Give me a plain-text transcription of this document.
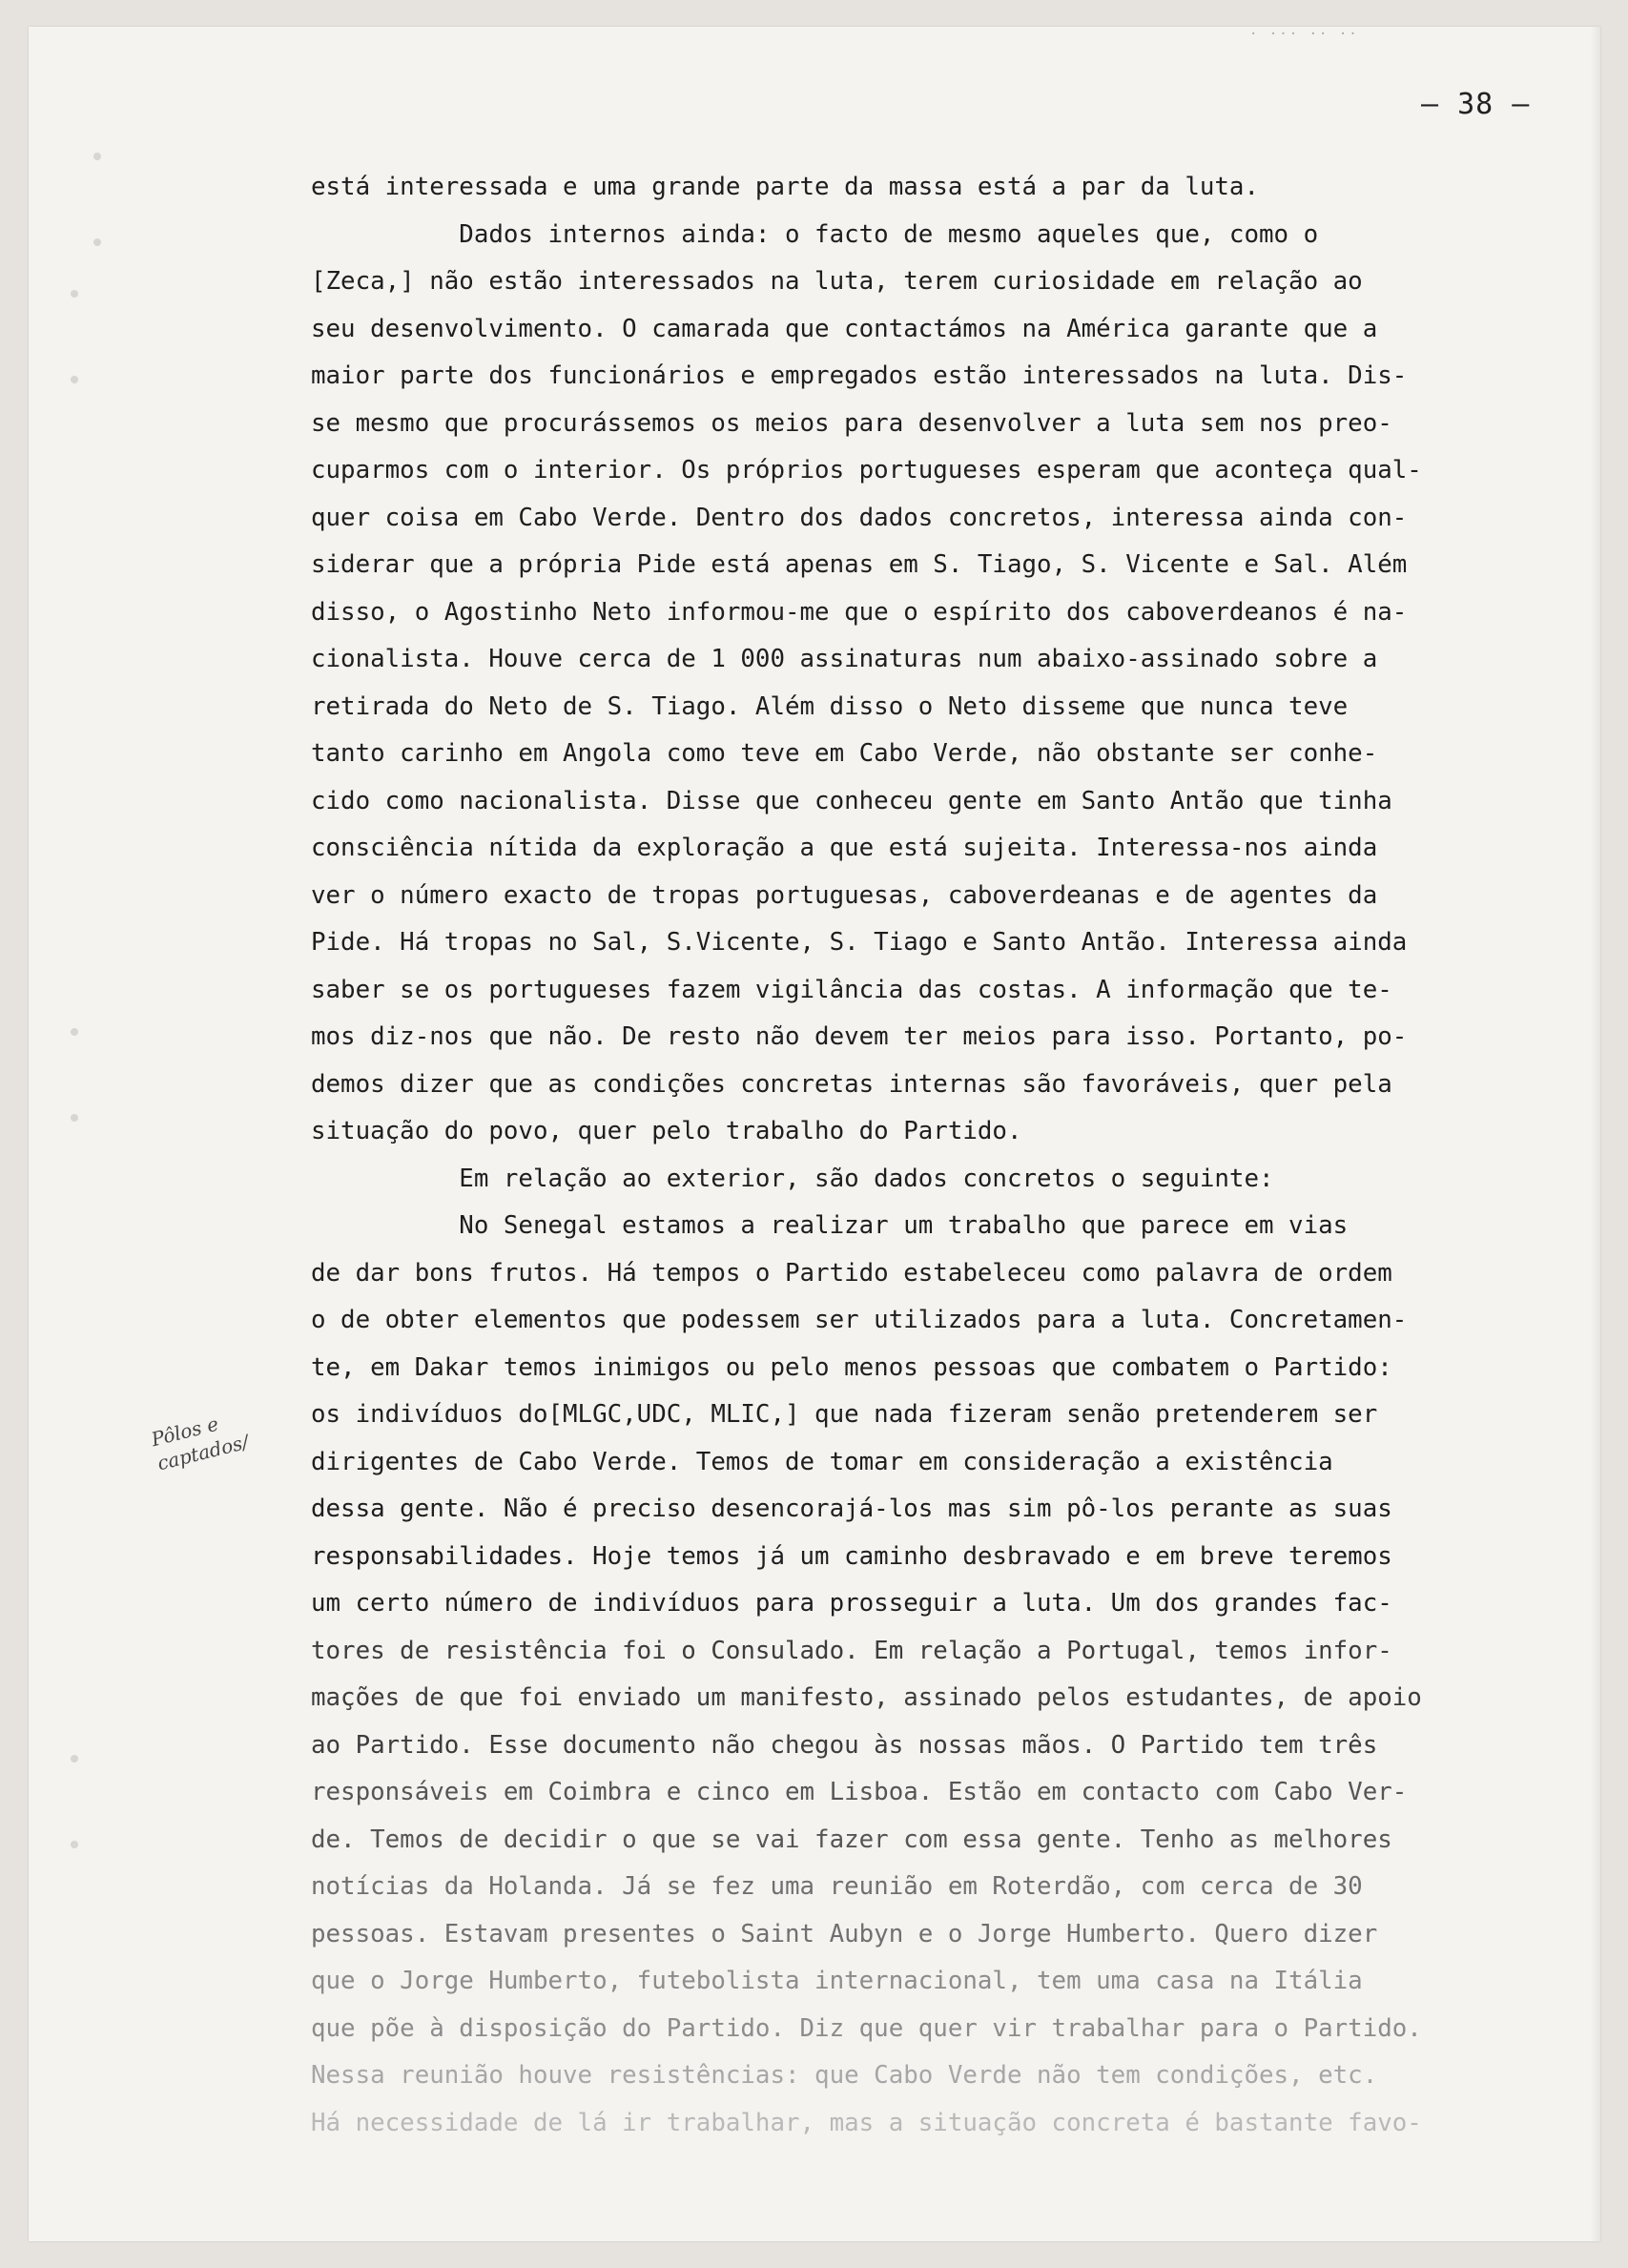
· ··· ·· ··
— 38 —
Pôlos e captados/
está interessada e uma grande parte da massa está a par da luta.
Dados internos ainda: o facto de mesmo aqueles que, como o
[Zeca,] não estão interessados na luta, terem curiosidade em relação ao
seu desenvolvimento. O camarada que contactámos na América garante que a
maior parte dos funcionários e empregados estão interessados na luta. Dis-
se mesmo que procurássemos os meios para desenvolver a luta sem nos preo-
cuparmos com o interior. Os próprios portugueses esperam que aconteça qual-
quer coisa em Cabo Verde. Dentro dos dados concretos, interessa ainda con-
siderar que a própria Pide está apenas em S. Tiago, S. Vicente e Sal. Além
disso, o Agostinho Neto informou-me que o espírito dos caboverdeanos é na-
cionalista. Houve cerca de 1 000 assinaturas num abaixo-assinado sobre a
retirada do Neto de S. Tiago. Além disso o Neto disseme que nunca teve
tanto carinho em Angola como teve em Cabo Verde, não obstante ser conhe-
cido como nacionalista. Disse que conheceu gente em Santo Antão que tinha
consciência nítida da exploração a que está sujeita. Interessa-nos ainda
ver o número exacto de tropas portuguesas, caboverdeanas e de agentes da
Pide. Há tropas no Sal, S.Vicente, S. Tiago e Santo Antão. Interessa ainda
saber se os portugueses fazem vigilância das costas. A informação que te-
mos diz-nos que não. De resto não devem ter meios para isso. Portanto, po-
demos dizer que as condições concretas internas são favoráveis, quer pela
situação do povo, quer pelo trabalho do Partido.
Em relação ao exterior, são dados concretos o seguinte:
No Senegal estamos a realizar um trabalho que parece em vias
de dar bons frutos. Há tempos o Partido estabeleceu como palavra de ordem
o de obter elementos que podessem ser utilizados para a luta. Concretamen-
te, em Dakar temos inimigos ou pelo menos pessoas que combatem o Partido:
os indivíduos do[MLGC,UDC, MLIC,] que nada fizeram senão pretenderem ser
dirigentes de Cabo Verde. Temos de tomar em consideração a existência
dessa gente. Não é preciso desencorajá-los mas sim pô-los perante as suas
responsabilidades. Hoje temos já um caminho desbravado e em breve teremos
um certo número de indivíduos para prosseguir a luta. Um dos grandes fac-
tores de resistência foi o Consulado. Em relação a Portugal, temos infor-
mações de que foi enviado um manifesto, assinado pelos estudantes, de apoio
ao Partido. Esse documento não chegou às nossas mãos. O Partido tem três
responsáveis em Coimbra e cinco em Lisboa. Estão em contacto com Cabo Ver-
de. Temos de decidir o que se vai fazer com essa gente. Tenho as melhores
notícias da Holanda. Já se fez uma reunião em Roterdão, com cerca de 30
pessoas. Estavam presentes o Saint Aubyn e o Jorge Humberto. Quero dizer
que o Jorge Humberto, futebolista internacional, tem uma casa na Itália
que põe à disposição do Partido. Diz que quer vir trabalhar para o Partido.
Nessa reunião houve resistências: que Cabo Verde não tem condições, etc.
Há necessidade de lá ir trabalhar, mas a situação concreta é bastante favo-
